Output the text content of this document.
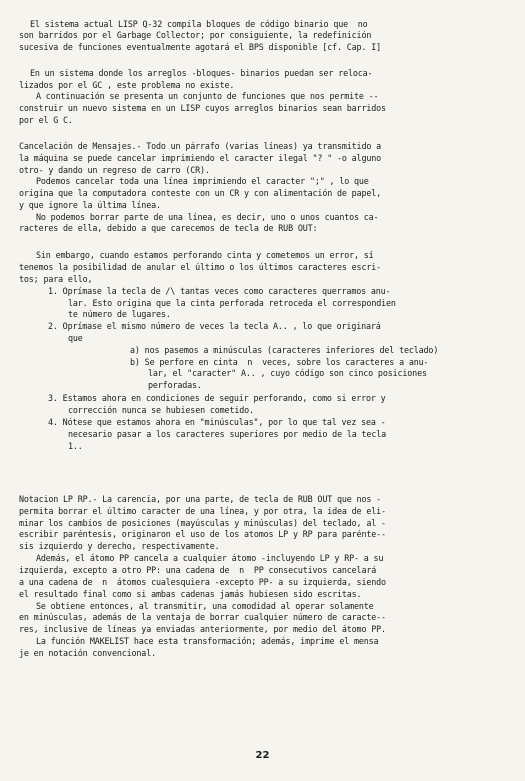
El sistema actual LISP Q-32 compila bloques de código binario que  no
son barridos por el Garbage Collector; por consiguiente, la redefinición
sucesiva de funciones eventualmente agotará el BPS disponible [cf. Cap. I]
En un sistema donde los arreglos -bloques- binarios puedan ser reloca-
lizados por el GC , este problema no existe.
A continuación se presenta un conjunto de funciones que nos permite --
construir un nuevo sistema en un LISP cuyos arreglos binarios sean barridos
por el G C.
Cancelación de Mensajes.- Todo un párrafo (varias líneas) ya transmitido a
la máquina se puede cancelar imprimiendo el caracter ilegal "? " -o alguno
otro- y dando un regreso de carro (CR).
Podemos cancelar toda una línea imprimiendo el caracter ";" , lo que
origina que la computadora conteste con un CR y con alimentación de papel,
y que ignore la última línea.
No podemos borrar parte de una línea, es decir, uno o unos cuantos ca-
racteres de ella, debido a que carecemos de tecla de RUB OUT:
Sin embargo, cuando estamos perforando cinta y cometemos un error, sí
tenemos la posibilidad de anular el último o los últimos caracteres escri-
tos; para ello,
1. Oprímase la tecla de /\ tantas veces como caracteres querramos anu-
lar. Esto origina que la cinta perforada retroceda el correspondien
te número de lugares.
2. Oprímase el mismo número de veces la tecla A.. , lo que originará
que
a) nos pasemos a minúsculas (caracteres inferiores del teclado)
b) Se perfore en cinta  n  veces, sobre los caracteres a anu-
lar, el "caracter" A.. , cuyo código son cinco posiciones
perforadas.
3. Estamos ahora en condiciones de seguir perforando, como si error y
corrección nunca se hubiesen cometido.
4. Nótese que estamos ahora en "minúsculas", por lo que tal vez sea -
necesario pasar a los caracteres superiores por medio de la tecla
1..
Notacion LP RP.- La carencia, por una parte, de tecla de RUB OUT que nos -
permita borrar el último caracter de una línea, y por otra, la idea de eli-
minar los cambios de posiciones (mayúsculas y minúsculas) del teclado, al -
escribir paréntesis, originaron el uso de los atomos LP y RP para parénte--
sis izquierdo y derecho, respectivamente.
Además, el átomo PP cancela a cualquier átomo -incluyendo LP y RP- a su
izquierda, excepto a otro PP: una cadena de  n  PP consecutivos cancelará
a una cadena de  n  átomos cualesquiera -excepto PP- a su izquierda, siendo
el resultado final como si ambas cadenas jamás hubiesen sido escritas.
Se obtiene entonces, al transmitir, una comodidad al operar solamente
en minúsculas, además de la ventaja de borrar cualquier número de caracte--
res, inclusive de líneas ya enviadas anteriormente, por medio del átomo PP.
La función MAKELIST hace esta transformación; además, imprime el mensa
je en notación convencional.
22
